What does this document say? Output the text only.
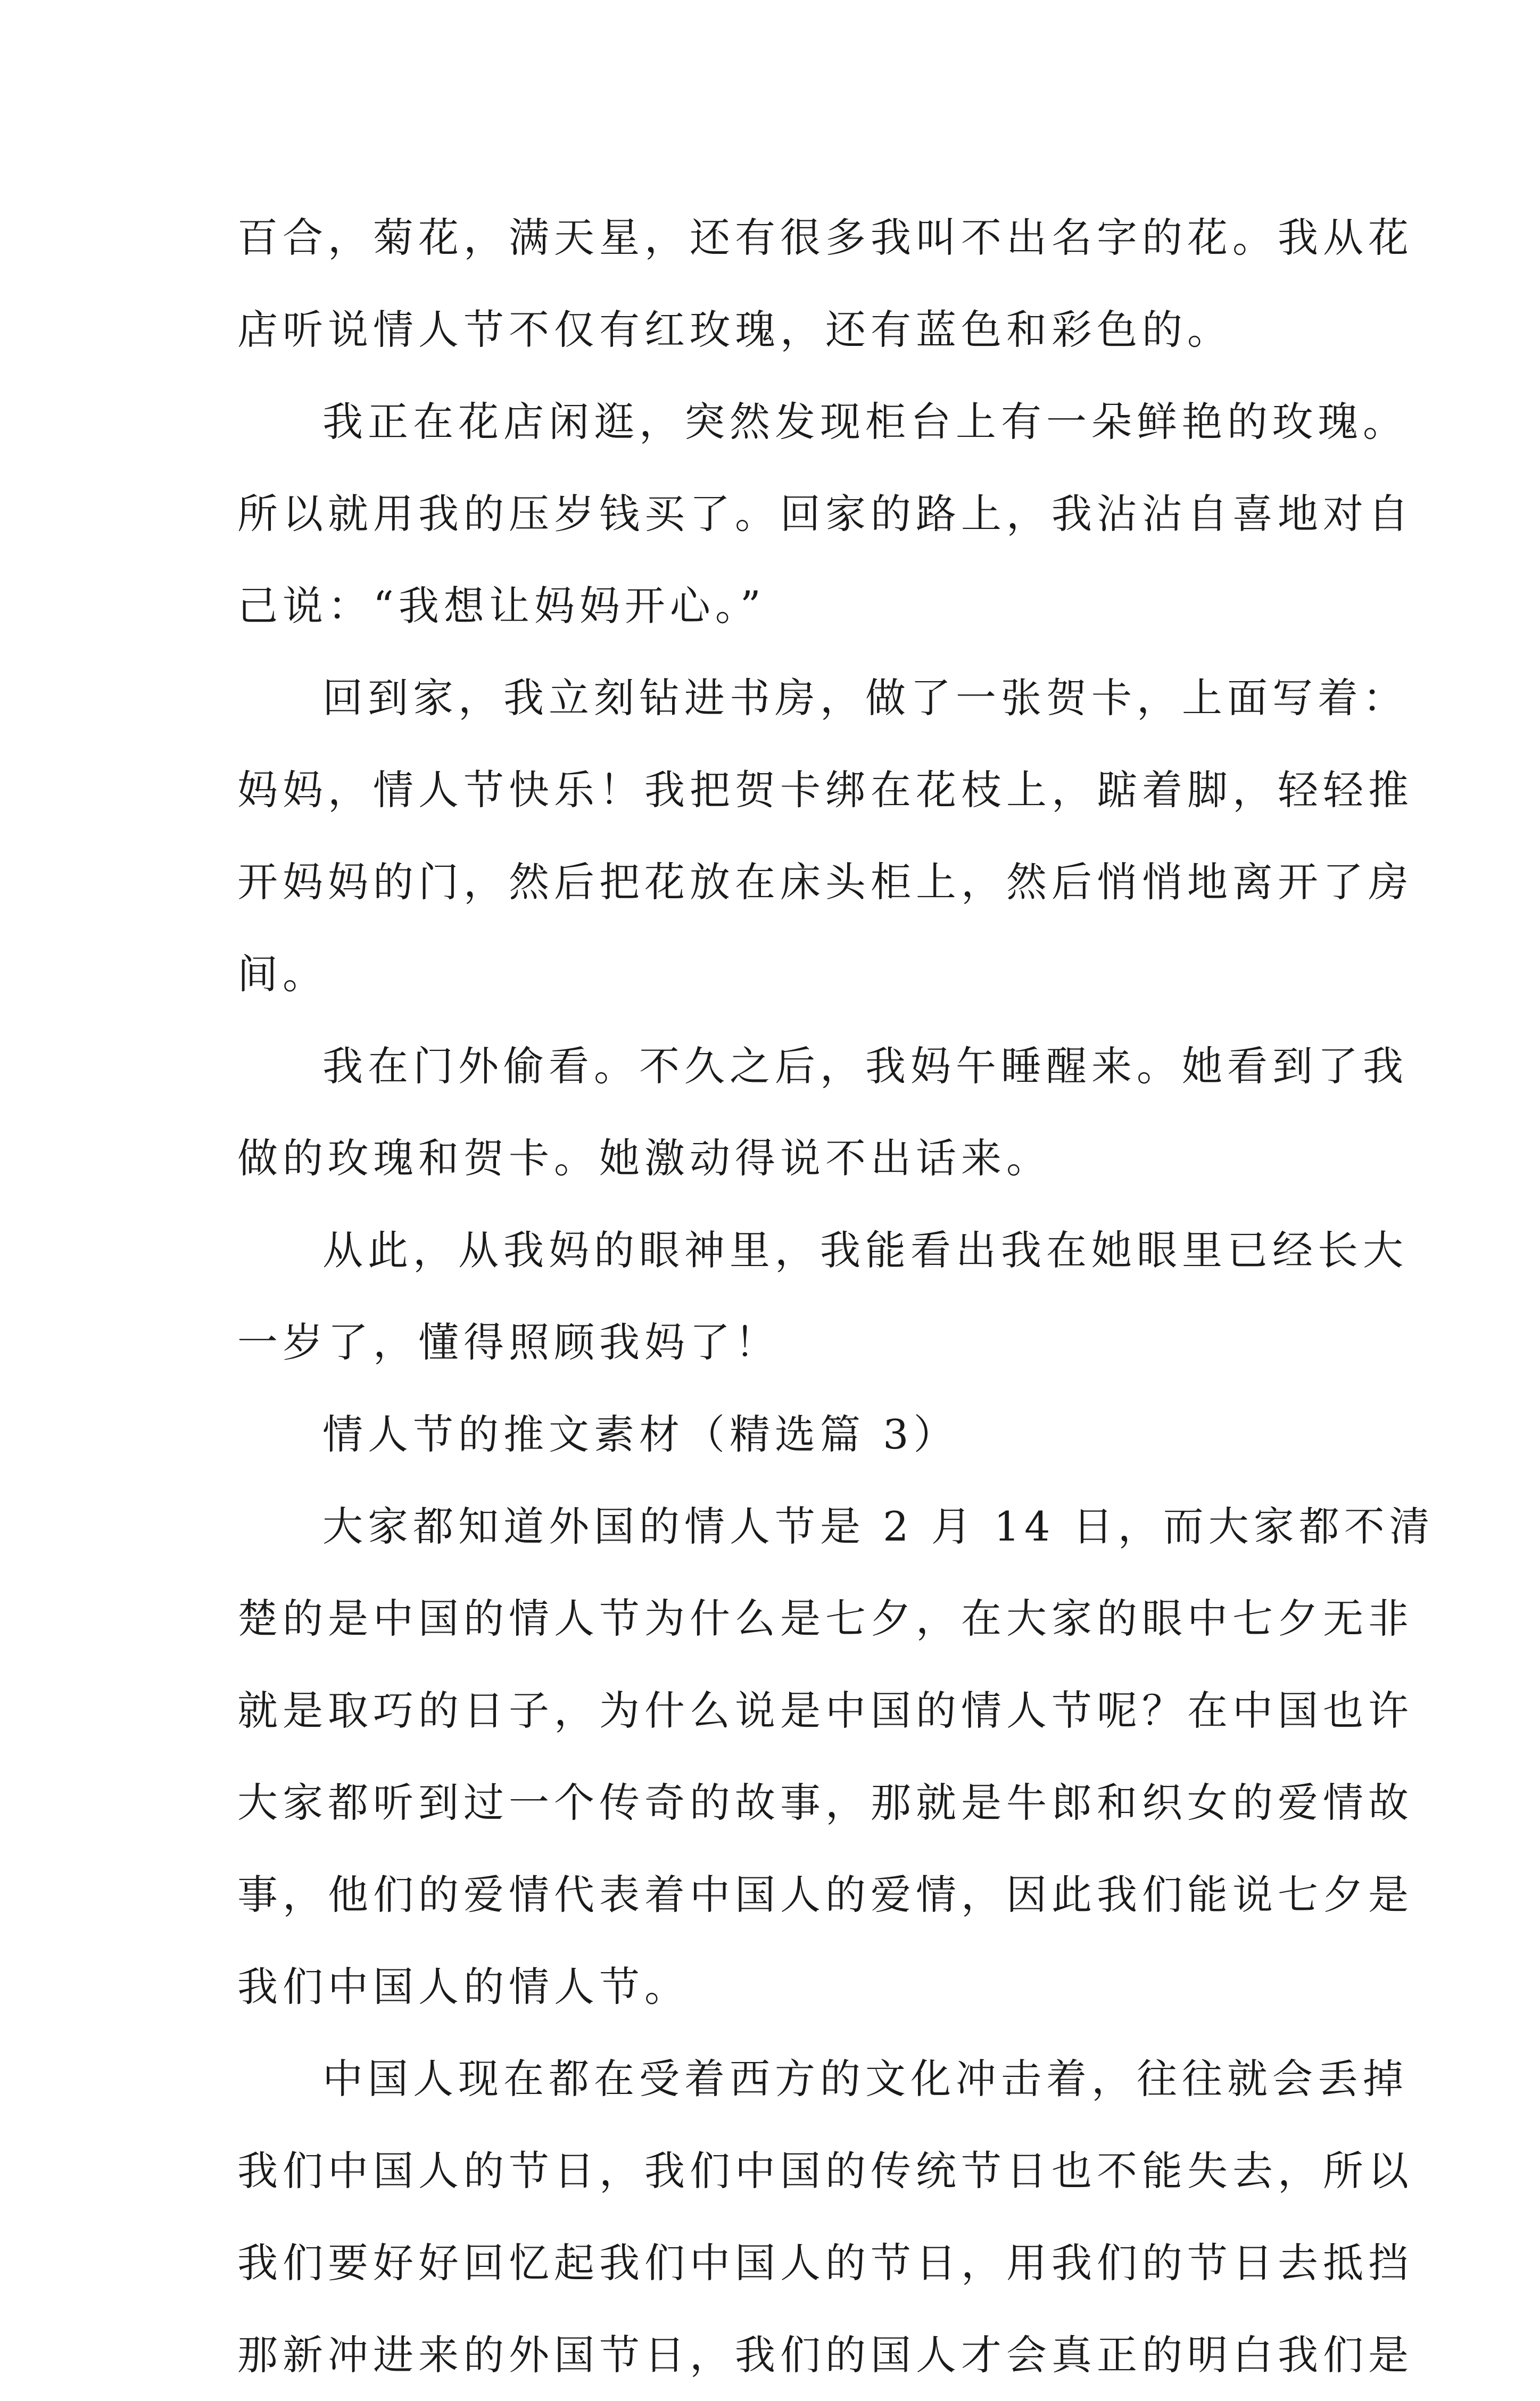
百合，菊花，满天星，还有很多我叫不出名字的花。我从花
店听说情人节不仅有红玫瑰，还有蓝色和彩色的。
我正在花店闲逛，突然发现柜台上有一朵鲜艳的玫瑰。
所以就用我的压岁钱买了。回家的路上，我沾沾自喜地对自
己说：“我想让妈妈开心。”
回到家，我立刻钻进书房，做了一张贺卡，上面写着：
妈妈，情人节快乐！我把贺卡绑在花枝上，踮着脚，轻轻推
开妈妈的门，然后把花放在床头柜上，然后悄悄地离开了房
间。
我在门外偷看。不久之后，我妈午睡醒来。她看到了我
做的玫瑰和贺卡。她激动得说不出话来。
从此，从我妈的眼神里，我能看出我在她眼里已经长大
一岁了，懂得照顾我妈了！
情人节的推文素材（精选篇 3）
大家都知道外国的情人节是 2 月 14 日，而大家都不清
楚的是中国的情人节为什么是七夕，在大家的眼中七夕无非
就是取巧的日子，为什么说是中国的情人节呢？在中国也许
大家都听到过一个传奇的故事，那就是牛郎和织女的爱情故
事，他们的爱情代表着中国人的爱情，因此我们能说七夕是
我们中国人的情人节。
中国人现在都在受着西方的文化冲击着，往往就会丢掉
我们中国人的节日，我们中国的传统节日也不能失去，所以
我们要好好回忆起我们中国人的节日，用我们的节日去抵挡
那新冲进来的外国节日，我们的国人才会真正的明白我们是
